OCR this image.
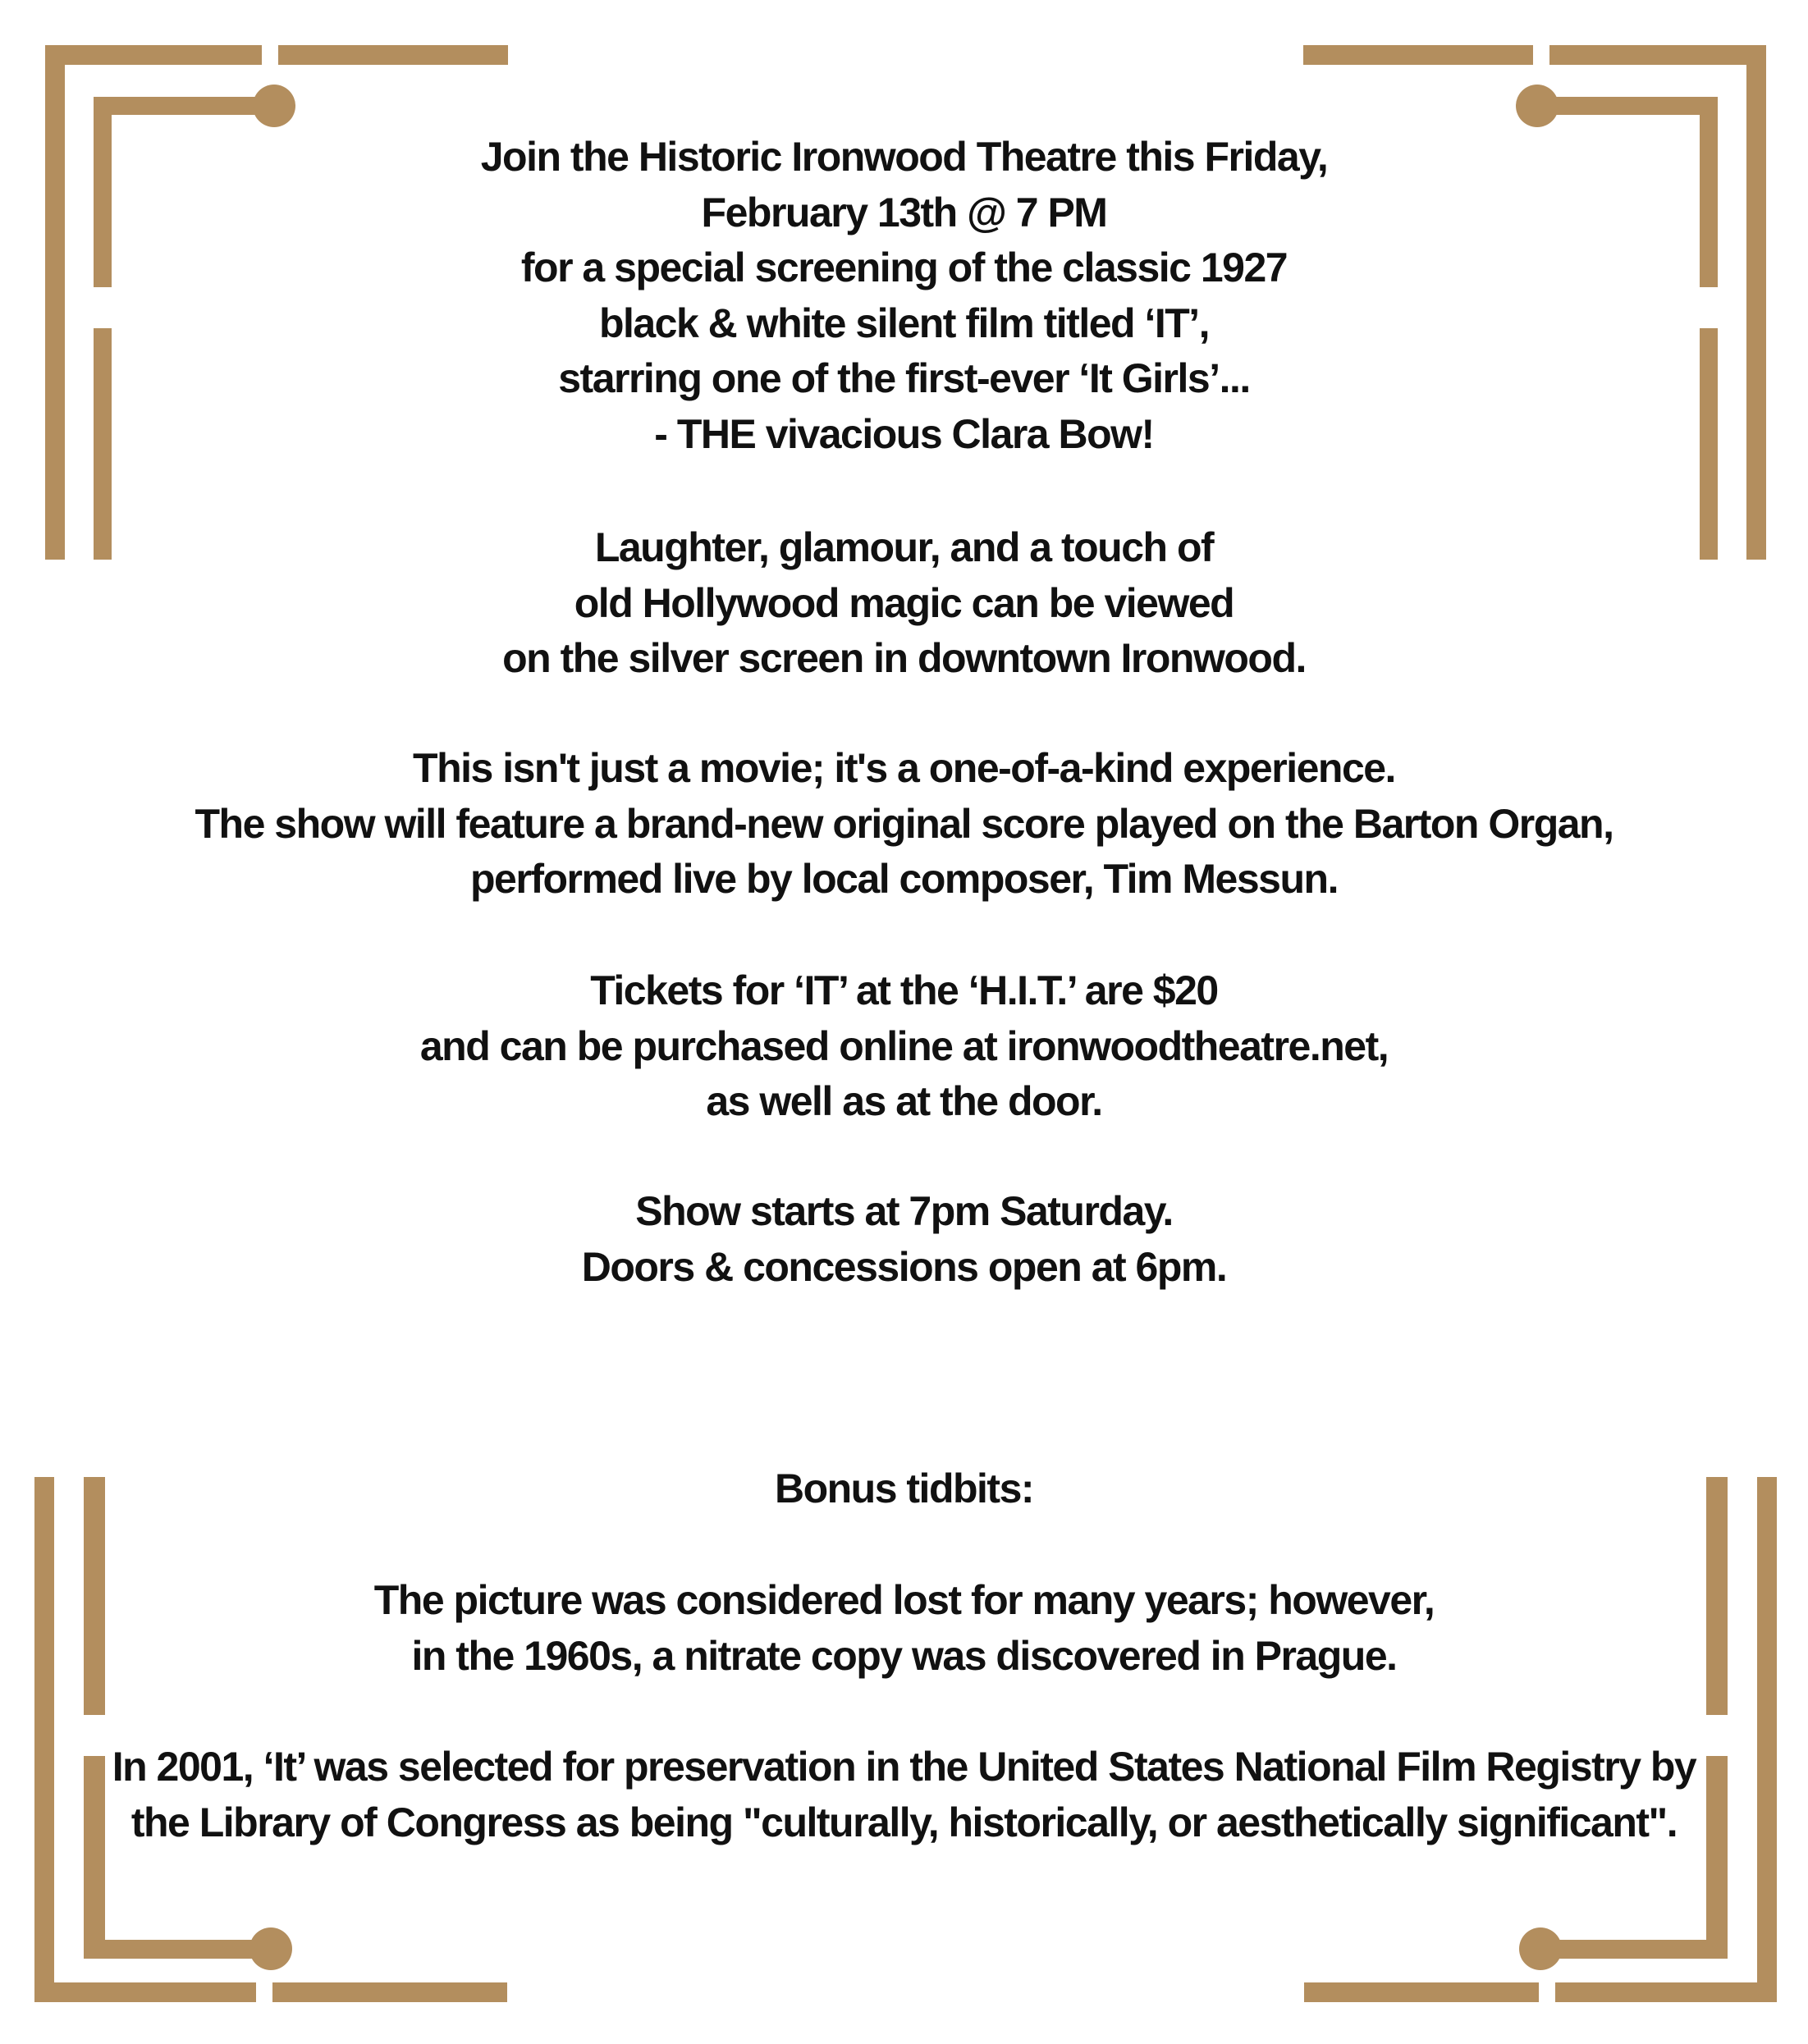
Join the Historic Ironwood Theatre this Friday,
February 13th @ 7 PM
for a special screening of the classic 1927
black & white silent film titled ‘IT’,
starring one of the first-ever ‘It Girls’...
- THE vivacious Clara Bow!
Laughter, glamour, and a touch of
old Hollywood magic can be viewed
on the silver screen in downtown Ironwood.
This isn't just a movie; it's a one-of-a-kind experience.
The show will feature a brand-new original score played on the Barton Organ,
performed live by local composer, Tim Messun.
Tickets for ‘IT’ at the ‘H.I.T.’ are $20
and can be purchased online at ironwoodtheatre.net,
as well as at the door.
Show starts at 7pm Saturday.
Doors & concessions open at 6pm.
Bonus tidbits:
The picture was considered lost for many years; however,
in the 1960s, a nitrate copy was discovered in Prague.
In 2001, ‘It’ was selected for preservation in the United States National Film Registry by
the Library of Congress as being "culturally, historically, or aesthetically significant".
